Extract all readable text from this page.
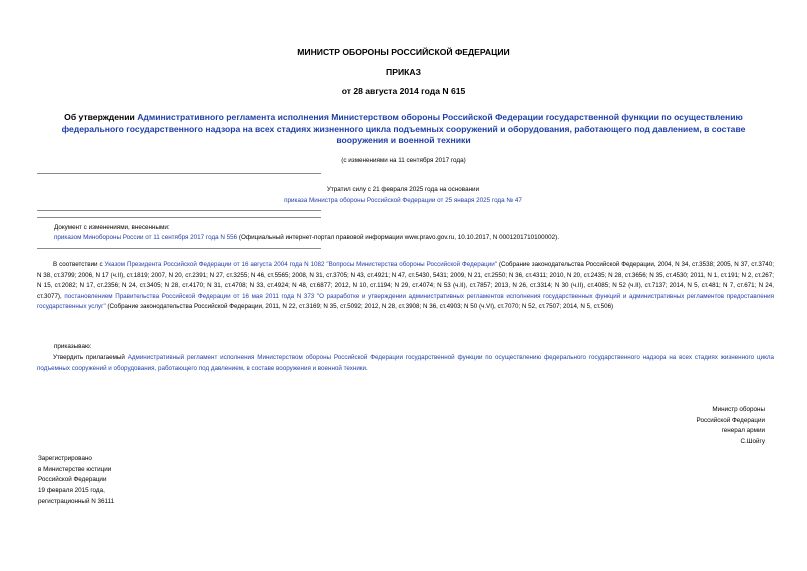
МИНИСТР ОБОРОНЫ РОССИЙСКОЙ ФЕДЕРАЦИИ
ПРИКАЗ
от 28 августа 2014 года N 615
Об утверждении Административного регламента исполнения Министерством обороны Российской Федерации государственной функции по осуществлению федерального государственного надзора на всех стадиях жизненного цикла подъемных сооружений и оборудования, работающего под давлением, в составе вооружения и военной техники
(с изменениями на 11 сентября 2017 года)
Утратил силу с 21 февраля 2025 года на основании
приказа Министра обороны Российской Федерации от 25 января 2025 года № 47
Документ с изменениями, внесенными:
приказом Минобороны России от 11 сентября 2017 года N 556 (Официальный интернет-портал правовой информации www.pravo.gov.ru, 10.10.2017, N 0001201710100002).
В соответствии с Указом Президента Российской Федерации от 16 августа 2004 года N 1082 "Вопросы Министерства обороны Российской Федерации" (Собрание законодательства Российской Федерации, 2004, N 34, ст.3538; 2005, N 37, ст.3740; N 38, ст.3799; 2006, N 17 (ч.II), ст.1819; 2007, N 20, ст.2391; N 27, ст.3255; N 46, ст.5565; 2008, N 31, ст.3705; N 43, ст.4921; N 47, ст.5430, 5431; 2009, N 21, ст.2550; N 36, ст.4311; 2010, N 20, ст.2435; N 28, ст.3656; N 35, ст.4530; 2011, N 1, ст.191; N 2, ст.267; N 15, ст.2082; N 17, ст.2356; N 24, ст.3405; N 28, ст.4170; N 31, ст.4708; N 33, ст.4924; N 48, ст.6877; 2012, N 10, ст.1194; N 29, ст.4074; N 53 (ч.II), ст.7857; 2013, N 26, ст.3314; N 30 (ч.II), ст.4085; N 52 (ч.II), ст.7137; 2014, N 5, ст.481; N 7, ст.671; N 24, ст.3077), постановлением Правительства Российской Федерации от 16 мая 2011 года N 373 "О разработке и утверждении административных регламентов исполнения государственных функций и административных регламентов предоставления государственных услуг" (Собрание законодательства Российской Федерации, 2011, N 22, ст.3169; N 35, ст.5092; 2012, N 28, ст.3908; N 36, ст.4903; N 50 (ч.VI), ст.7070; N 52, ст.7507; 2014, N 5, ст.506)
приказываю:
Утвердить прилагаемый Административный регламент исполнения Министерством обороны Российской Федерации государственной функции по осуществлению федерального государственного надзора на всех стадиях жизненного цикла подъемных сооружений и оборудования, работающего под давлением, в составе вооружения и военной техники.
Министр обороны
Российской Федерации
генерал армии
С.Шойгу
Зарегистрировано
в Министерстве юстиции
Российской Федерации
19 февраля 2015 года,
регистрационный N 36111
